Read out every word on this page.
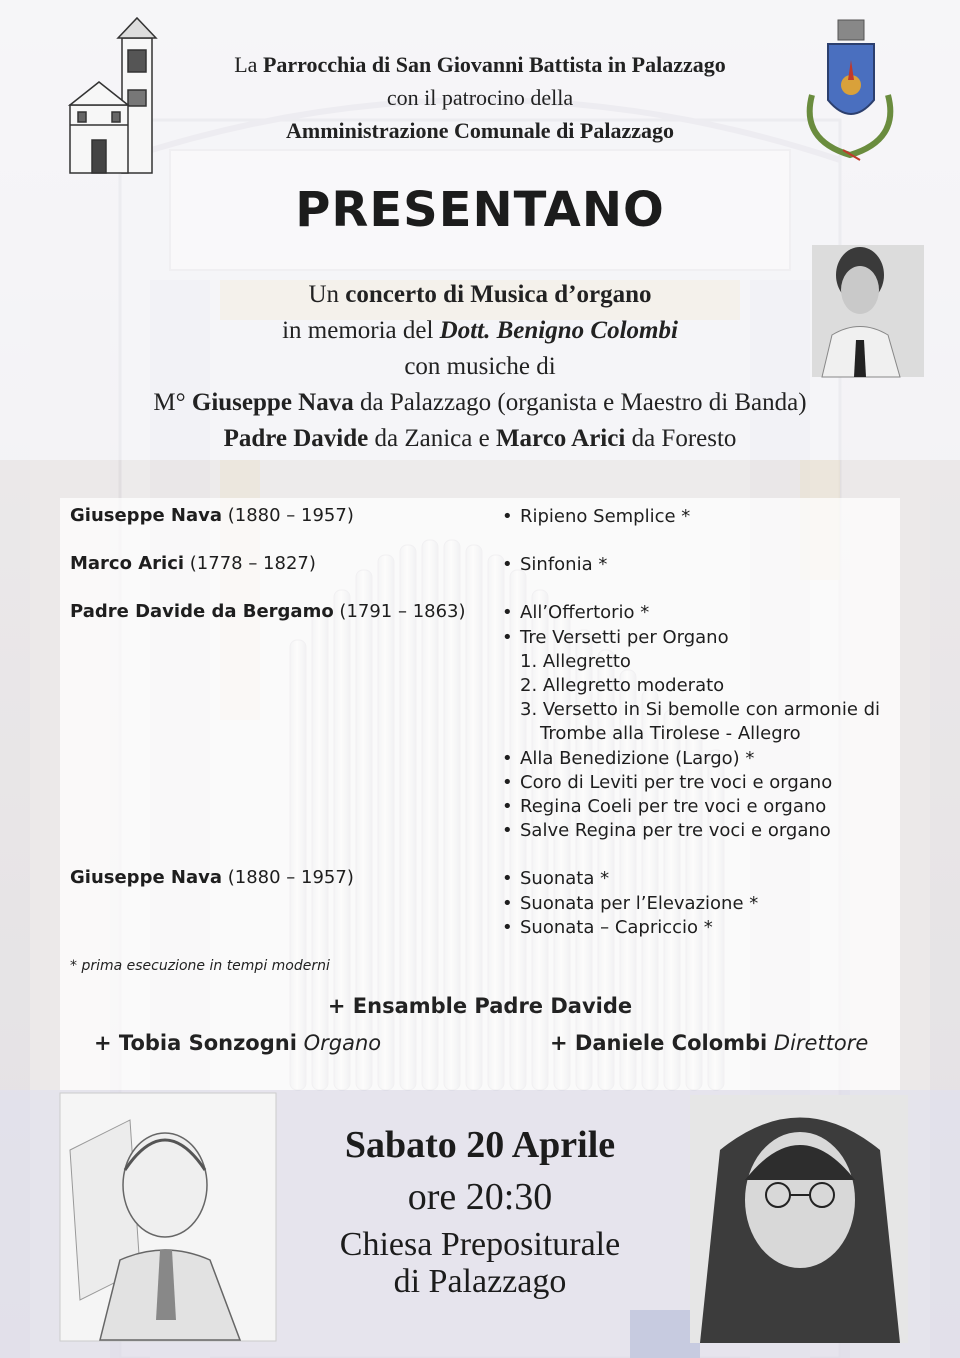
La Parrocchia di San Giovanni Battista in Palazzago
con il patrocino della
Amministrazione Comunale di Palazzago
PRESENTANO
Un concerto di Musica d’organo
in memoria del Dott. Benigno Colombi
con musiche di
M° Giuseppe Nava da Palazzago (organista e Maestro di Banda)
Padre Davide da Zanica e Marco Arici da Foresto
Giuseppe Nava (1880 – 1957)	• Ripieno Semplice *
Marco Arici (1778 – 1827)	• Sinfonia *
Padre Davide da Bergamo (1791 – 1863)	• All’Offertorio *
• Tre Versetti per Organo
1. Allegretto
2. Allegretto moderato
3. Versetto in Si bemolle con armonie di Trombe alla Tirolese - Allegro
• Alla Benedizione (Largo) *
• Coro di Leviti per tre voci e organo
• Regina Coeli per tre voci e organo
• Salve Regina per tre voci e organo
Giuseppe Nava (1880 – 1957)	• Suonata *
• Suonata per l’Elevazione *
• Suonata – Capriccio *
* prima esecuzione in tempi moderni
+ Ensamble Padre Davide
+ Tobia Sonzogni Organo	+ Daniele Colombi Direttore
Sabato 20 Aprile
ore 20:30
Chiesa Prepositurale
di Palazzago
